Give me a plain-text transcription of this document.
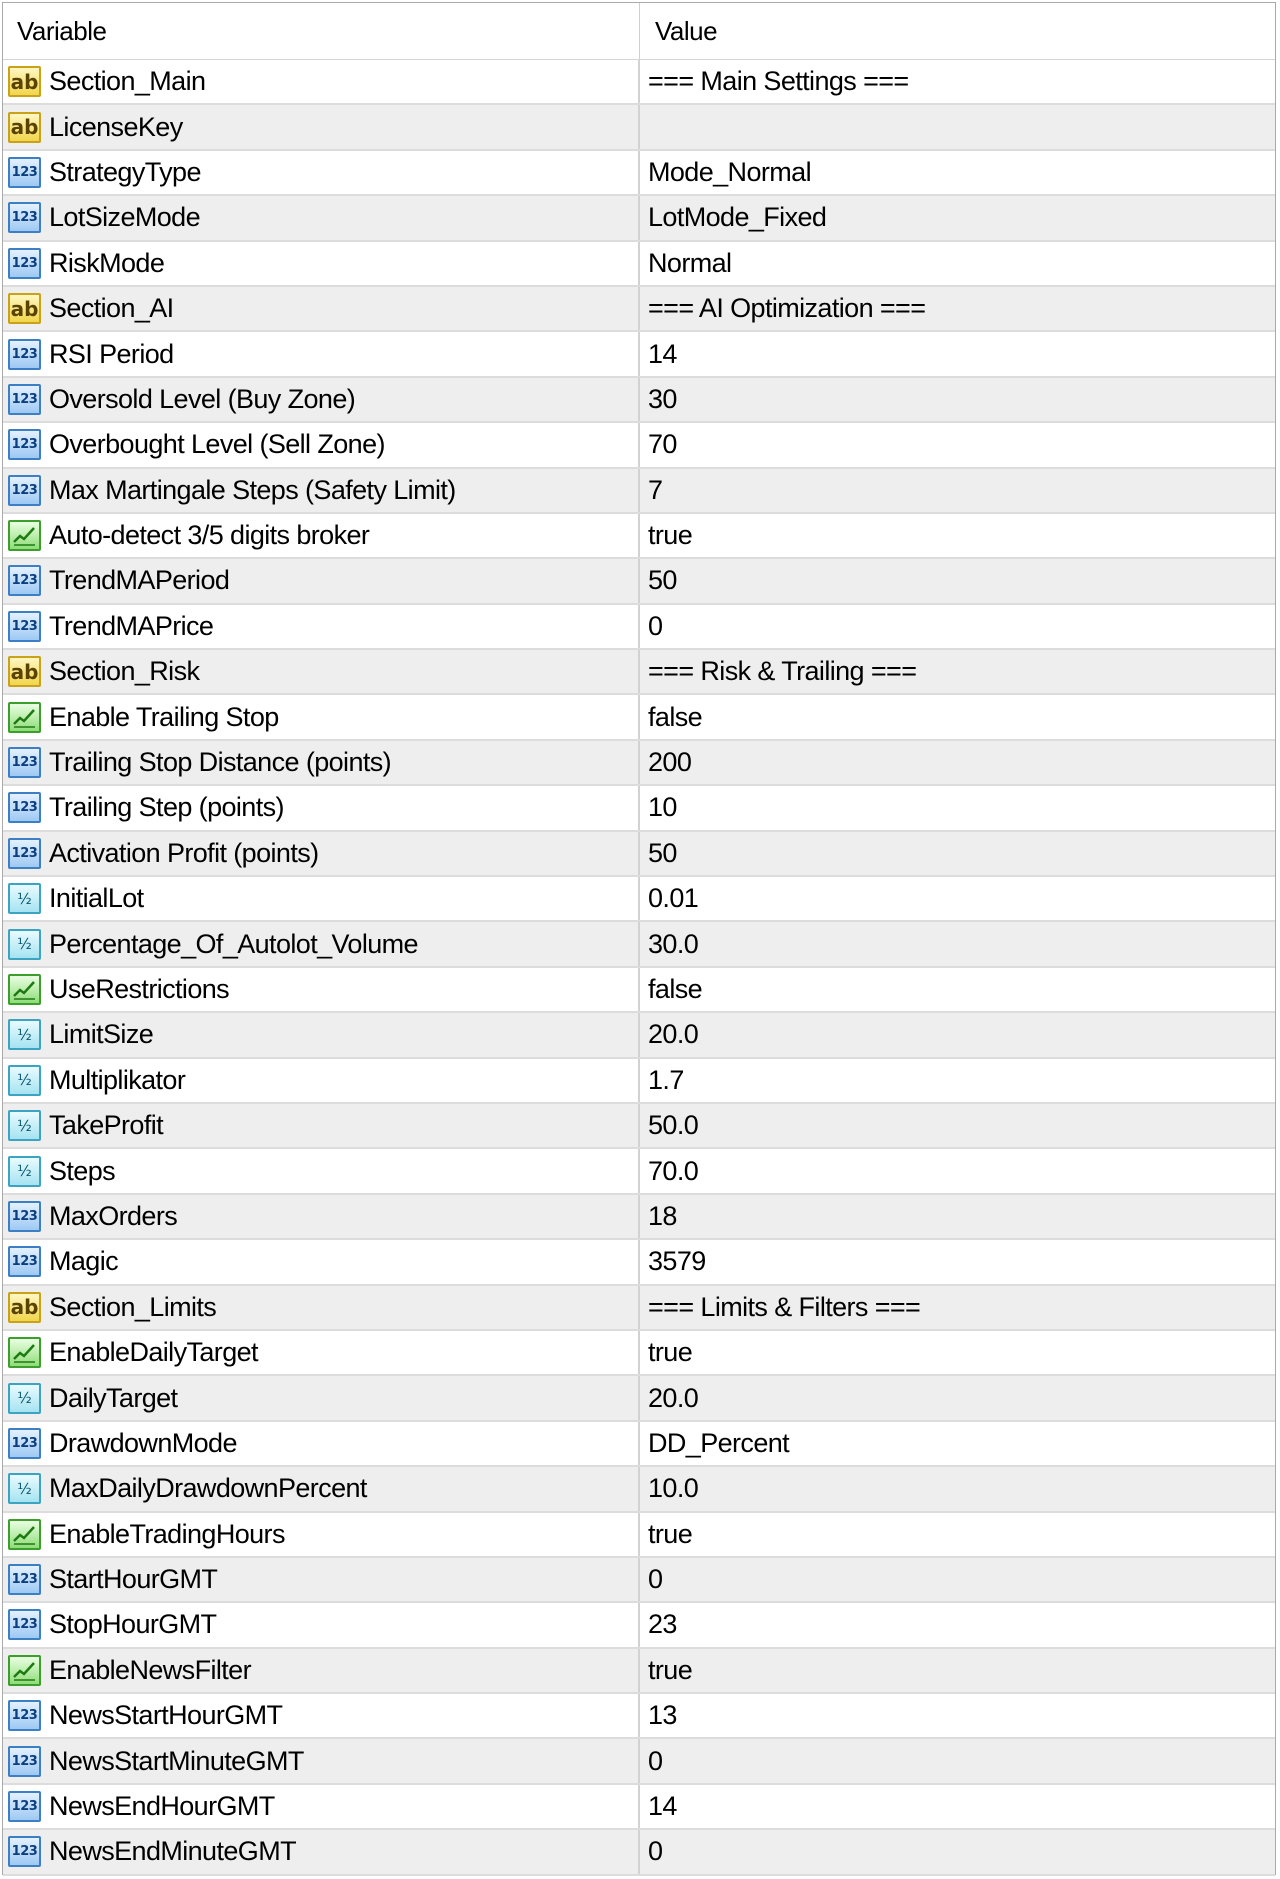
Variable	Value
ab Section_Main	=== Main Settings ===
ab LicenseKey
123 StrategyType	Mode_Normal
123 LotSizeMode	LotMode_Fixed
123 RiskMode	Normal
ab Section_AI	=== AI Optimization ===
123 RSI Period	14
123 Oversold Level (Buy Zone)	30
123 Overbought Level (Sell Zone)	70
123 Max Martingale Steps (Safety Limit)	7
Auto-detect 3/5 digits broker	true
123 TrendMAPeriod	50
123 TrendMAPrice	0
ab Section_Risk	=== Risk & Trailing ===
Enable Trailing Stop	false
123 Trailing Stop Distance (points)	200
123 Trailing Step (points)	10
123 Activation Profit (points)	50
½ InitialLot	0.01
½ Percentage_Of_Autolot_Volume	30.0
UseRestrictions	false
½ LimitSize	20.0
½ Multiplikator	1.7
½ TakeProfit	50.0
½ Steps	70.0
123 MaxOrders	18
123 Magic	3579
ab Section_Limits	=== Limits & Filters ===
EnableDailyTarget	true
½ DailyTarget	20.0
123 DrawdownMode	DD_Percent
½ MaxDailyDrawdownPercent	10.0
EnableTradingHours	true
123 StartHourGMT	0
123 StopHourGMT	23
EnableNewsFilter	true
123 NewsStartHourGMT	13
123 NewsStartMinuteGMT	0
123 NewsEndHourGMT	14
123 NewsEndMinuteGMT	0
